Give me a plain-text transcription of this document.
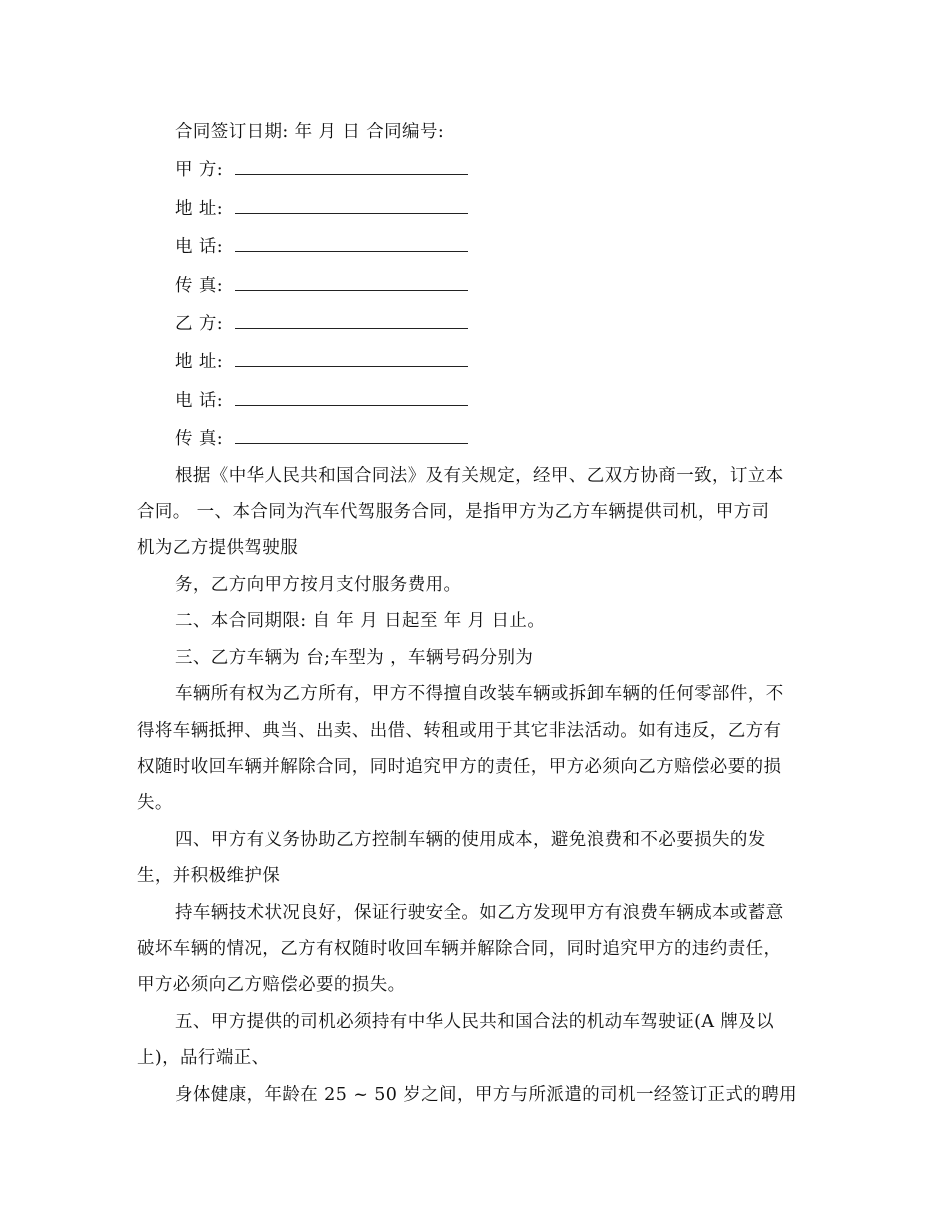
合同签订日期: 年 月 日 合同编号:
甲 方:
地 址:
电 话:
传 真:
乙 方:
地 址:
电 话:
传 真:
根据《中华人民共和国合同法》及有关规定，经甲、乙双方协商一致，订立本
合同。 一、本合同为汽车代驾服务合同，是指甲方为乙方车辆提供司机，甲方司
机为乙方提供驾驶服
务，乙方向甲方按月支付服务费用。
二、本合同期限: 自 年 月 日起至 年 月 日止。
三、乙方车辆为 台;车型为 ，车辆号码分别为
车辆所有权为乙方所有，甲方不得擅自改装车辆或拆卸车辆的任何零部件，不
得将车辆抵押、典当、出卖、出借、转租或用于其它非法活动。如有违反，乙方有
权随时收回车辆并解除合同，同时追究甲方的责任，甲方必须向乙方赔偿必要的损
失。
四、甲方有义务协助乙方控制车辆的使用成本，避免浪费和不必要损失的发
生，并积极维护保
持车辆技术状况良好，保证行驶安全。如乙方发现甲方有浪费车辆成本或蓄意
破坏车辆的情况，乙方有权随时收回车辆并解除合同，同时追究甲方的违约责任，
甲方必须向乙方赔偿必要的损失。
五、甲方提供的司机必须持有中华人民共和国合法的机动车驾驶证(A 牌及以
上)，品行端正、
身体健康，年龄在 25 ~ 50 岁之间，甲方与所派遣的司机一经签订正式的聘用
